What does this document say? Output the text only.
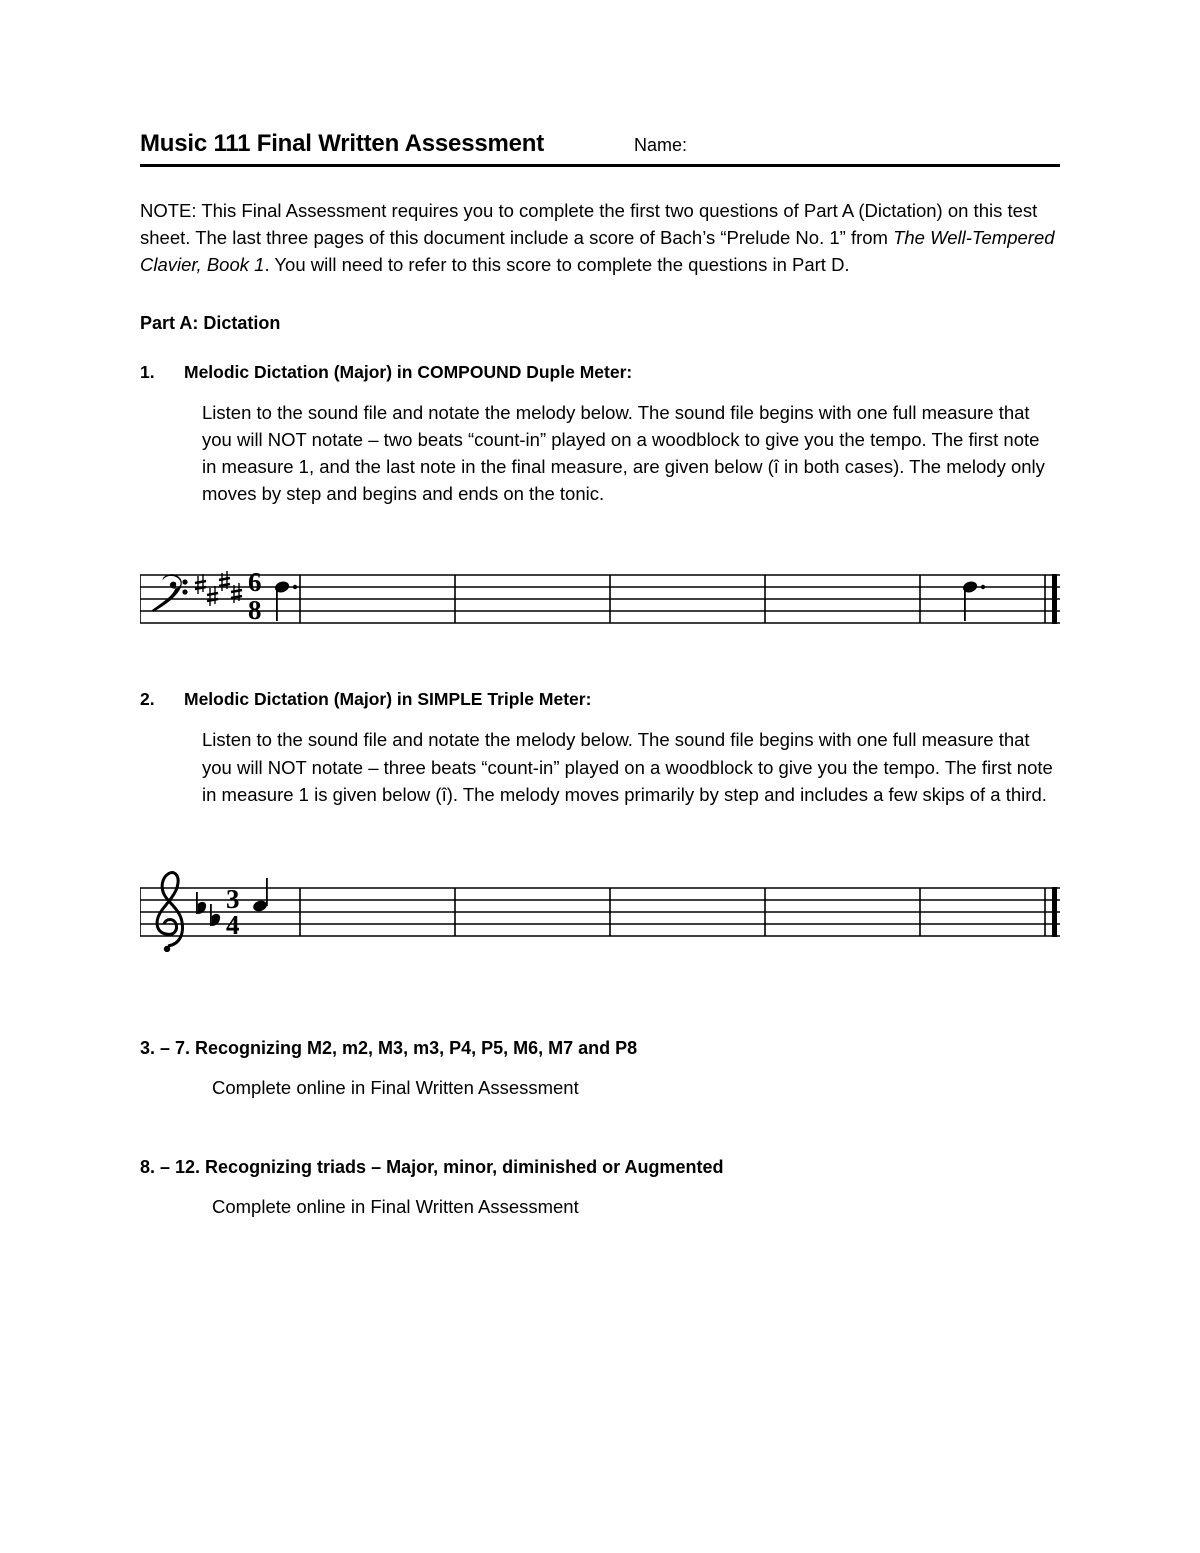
Music 111 Final Written Assessment	Name:

NOTE: This Final Assessment requires you to complete the first two questions of Part A (Dictation) on this test sheet. The last three pages of this document include a score of Bach’s “Prelude No. 1” from The Well-Tempered Clavier, Book 1. You will need to refer to this score to complete the questions in Part D.

Part A: Dictation
1.	Melodic Dictation (Major) in COMPOUND Duple Meter:
Listen to the sound file and notate the melody below. The sound file begins with one full measure that you will NOT notate – two beats “count-in” played on a woodblock to give you the tempo. The first note in measure 1, and the last note in the final measure, are given below (î in both cases). The melody only moves by step and begins and ends on the tonic.
6
8
2.	Melodic Dictation (Major) in SIMPLE Triple Meter:
Listen to the sound file and notate the melody below. The sound file begins with one full measure that you will NOT notate – three beats “count-in” played on a woodblock to give you the tempo. The first note in measure 1 is given below (î). The melody moves primarily by step and includes a few skips of a third.
3
4
3. – 7. Recognizing M2, m2, M3, m3, P4, P5, M6, M7 and P8
Complete online in Final Written Assessment
8. – 12. Recognizing triads – Major, minor, diminished or Augmented
Complete online in Final Written Assessment
